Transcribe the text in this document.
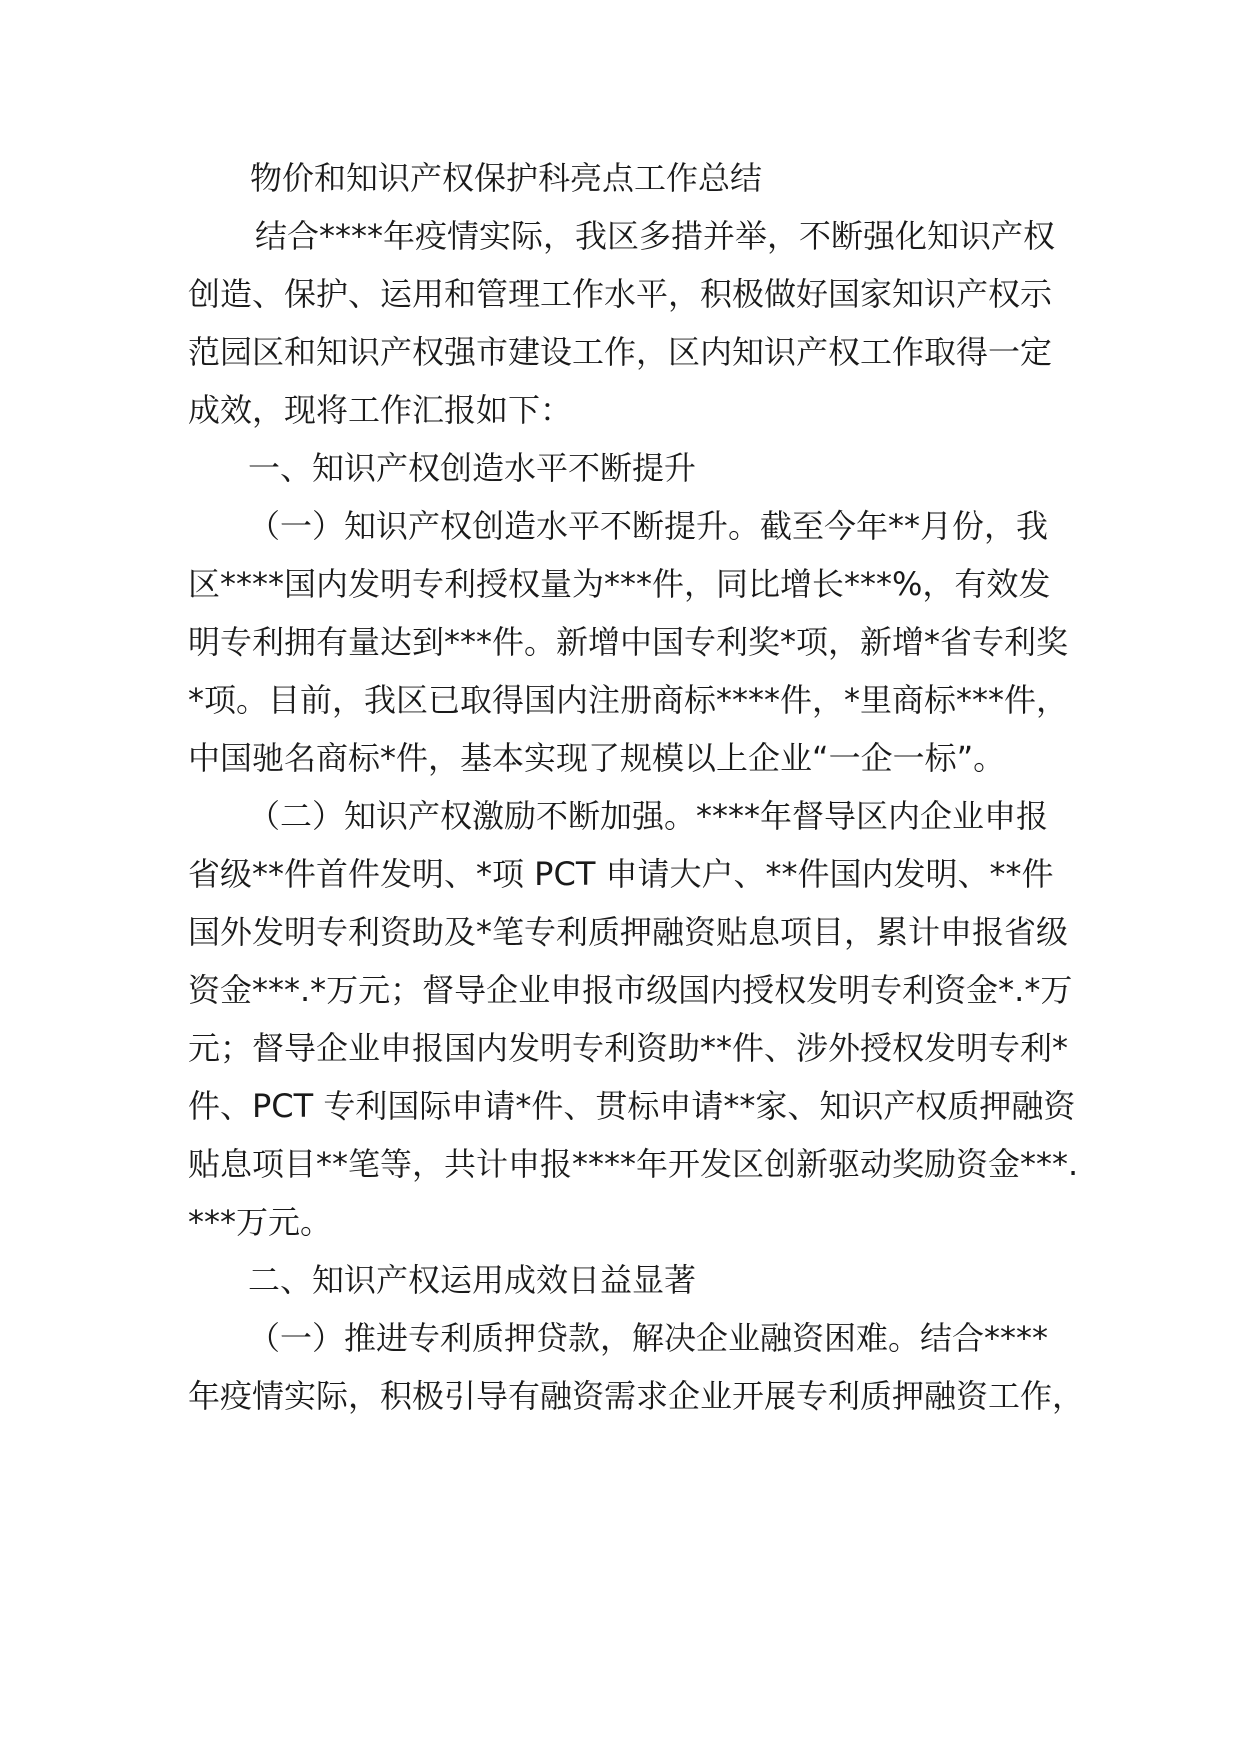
物价和知识产权保护科亮点工作总结
结合****年疫情实际，我区多措并举，不断强化知识产权
创造、保护、运用和管理工作水平，积极做好国家知识产权示
范园区和知识产权强市建设工作，区内知识产权工作取得一定
成效，现将工作汇报如下：
一、知识产权创造水平不断提升
（一）知识产权创造水平不断提升。截至今年**月份，我
区****国内发明专利授权量为***件，同比增长***%，有效发
明专利拥有量达到***件。新增中国专利奖*项，新增*省专利奖
*项。目前，我区已取得国内注册商标****件，*里商标***件，
中国驰名商标*件，基本实现了规模以上企业“一企一标”。
（二）知识产权激励不断加强。****年督导区内企业申报
省级**件首件发明、*项 PCT 申请大户、**件国内发明、**件
国外发明专利资助及*笔专利质押融资贴息项目，累计申报省级
资金***.*万元；督导企业申报市级国内授权发明专利资金*.*万
元；督导企业申报国内发明专利资助**件、涉外授权发明专利*
件、PCT 专利国际申请*件、贯标申请**家、知识产权质押融资
贴息项目**笔等，共计申报****年开发区创新驱动奖励资金***.
***万元。
二、知识产权运用成效日益显著
（一）推进专利质押贷款，解决企业融资困难。结合****
年疫情实际，积极引导有融资需求企业开展专利质押融资工作，
